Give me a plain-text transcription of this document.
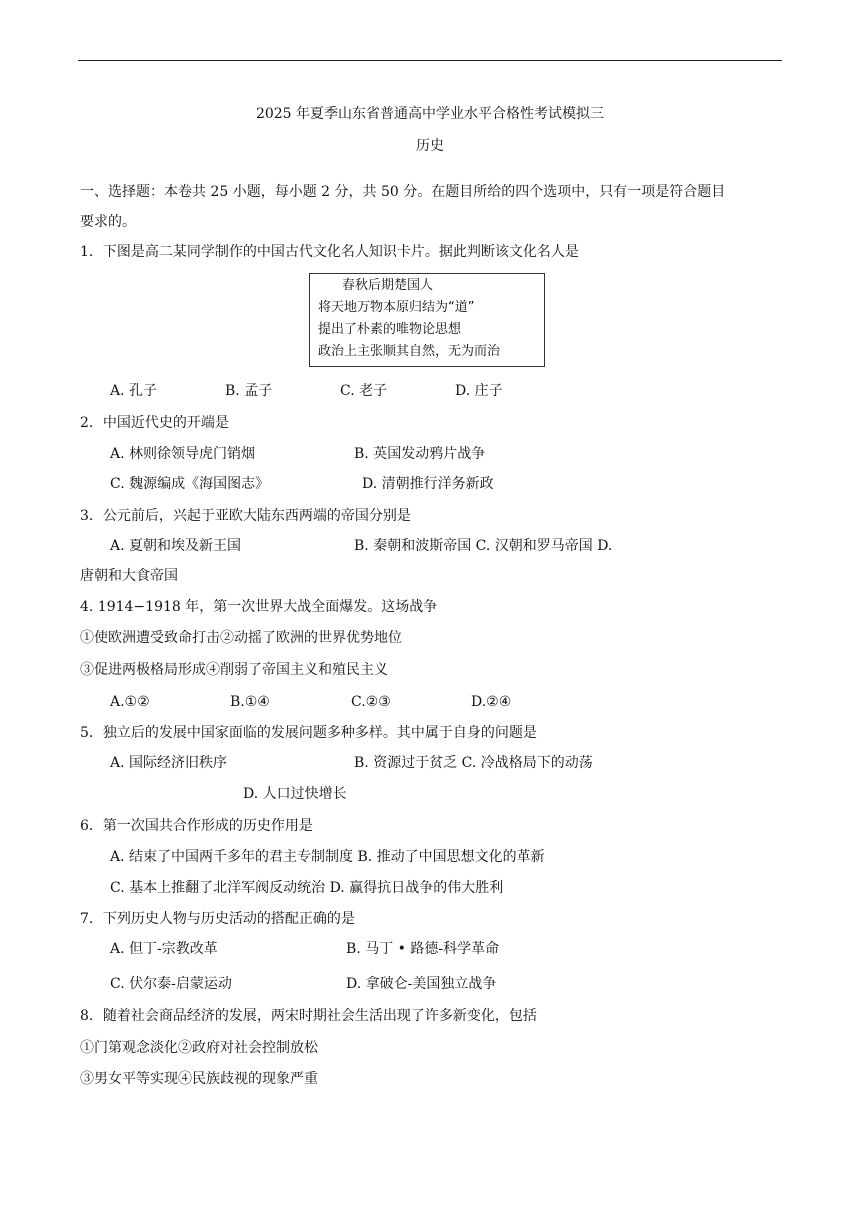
2025 年夏季山东省普通高中学业水平合格性考试模拟三
历史
一、选择题：本卷共 25 小题，每小题 2 分，共 50 分。在题目所给的四个选项中，只有一项是符合题目
要求的。
1．下图是高二某同学制作的中国古代文化名人知识卡片。据此判断该文化名人是
春秋后期楚国人
将天地万物本原归结为“道”
提出了朴素的唯物论思想
政治上主张顺其自然，无为而治
A. 孔子	B. 孟子	C. 老子	D. 庄子
2．中国近代史的开端是
A. 林则徐领导虎门销烟	B. 英国发动鸦片战争
C. 魏源编成《海国图志》	D. 清朝推行洋务新政
3．公元前后，兴起于亚欧大陆东西两端的帝国分别是
A. 夏朝和埃及新王国	B. 秦朝和波斯帝国 C. 汉朝和罗马帝国 D.
唐朝和大食帝国
4. 1914−1918 年，第一次世界大战全面爆发。这场战争
①使欧洲遭受致命打击②动摇了欧洲的世界优势地位
③促进两极格局形成④削弱了帝国主义和殖民主义
A.①②	B.①④	C.②③	D.②④
5．独立后的发展中国家面临的发展问题多种多样。其中属于自身的问题是
A. 国际经济旧秩序	B. 资源过于贫乏 C. 冷战格局下的动荡
D. 人口过快增长
6．第一次国共合作形成的历史作用是
A. 结束了中国两千多年的君主专制制度 B. 推动了中国思想文化的革新
C. 基本上推翻了北洋军阀反动统治 D. 赢得抗日战争的伟大胜利
7．下列历史人物与历史活动的搭配正确的是
A. 但丁-宗教改革	B. 马丁 • 路德-科学革命
C. 伏尔泰-启蒙运动	D. 拿破仑-美国独立战争
8．随着社会商品经济的发展，两宋时期社会生活出现了许多新变化，包括
①门第观念淡化②政府对社会控制放松
③男女平等实现④民族歧视的现象严重
